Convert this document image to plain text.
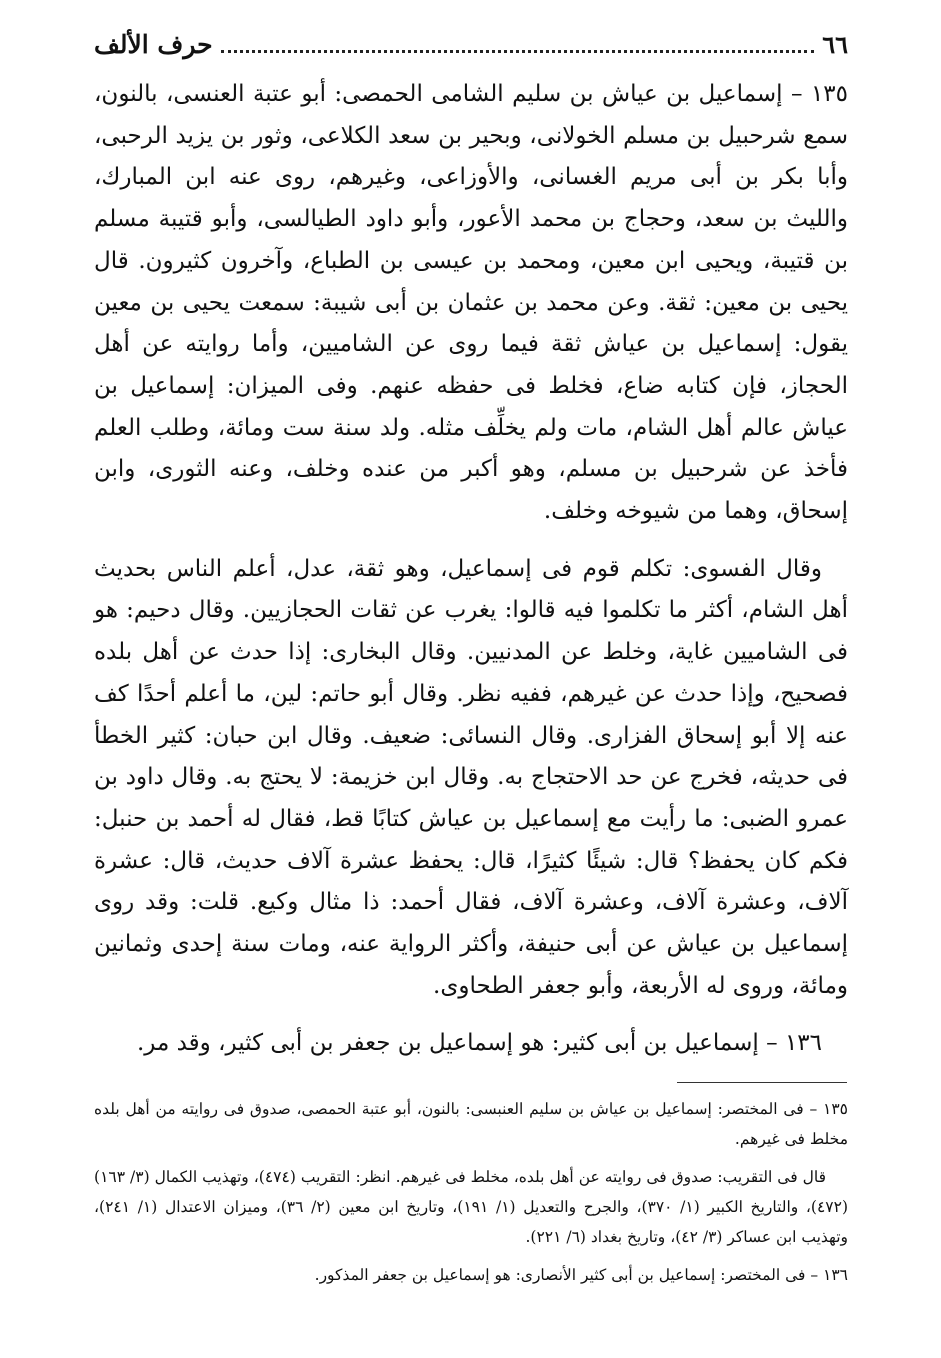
٦٦
حرف الألف

١٣٥ – إسماعيل بن عياش بن سليم الشامى الحمصى: أبو عتبة العنسى، بالنون، سمع شرحبيل بن مسلم الخولانى، وبحير بن سعد الكلاعى، وثور بن يزيد الرحبى، وأبا بكر بن أبى مريم الغسانى، والأوزاعى، وغيرهم، روى عنه ابن المبارك، والليث بن سعد، وحجاج بن محمد الأعور، وأبو داود الطيالسى، وأبو قتيبة مسلم بن قتيبة، ويحيى ابن معين، ومحمد بن عيسى بن الطباع، وآخرون كثيرون. قال يحيى بن معين: ثقة. وعن محمد بن عثمان بن أبى شيبة: سمعت يحيى بن معين يقول: إسماعيل بن عياش ثقة فيما روى عن الشاميين، وأما روايته عن أهل الحجاز، فإن كتابه ضاع، فخلط فى حفظه عنهم. وفى الميزان: إسماعيل بن عياش عالم أهل الشام، مات ولم يخلِّف مثله. ولد سنة ست ومائة، وطلب العلم فأخذ عن شرحبيل بن مسلم، وهو أكبر من عنده وخلف، وعنه الثورى، وابن إسحاق، وهما من شيوخه وخلف.

وقال الفسوى: تكلم قوم فى إسماعيل، وهو ثقة، عدل، أعلم الناس بحديث أهل الشام، أكثر ما تكلموا فيه قالوا: يغرب عن ثقات الحجازيين. وقال دحيم: هو فى الشاميين غاية، وخلط عن المدنيين. وقال البخارى: إذا حدث عن أهل بلده فصحيح، وإذا حدث عن غيرهم، ففيه نظر. وقال أبو حاتم: لين، ما أعلم أحدًا كف عنه إلا أبو إسحاق الفزارى. وقال النسائى: ضعيف. وقال ابن حبان: كثير الخطأ فى حديثه، فخرج عن حد الاحتجاج به. وقال ابن خزيمة: لا يحتج به. وقال داود بن عمرو الضبى: ما رأيت مع إسماعيل بن عياش كتابًا قط، فقال له أحمد بن حنبل: فكم كان يحفظ؟ قال: شيئًا كثيرًا، قال: يحفظ عشرة آلاف حديث، قال: عشرة آلاف، وعشرة آلاف، وعشرة آلاف، فقال أحمد: ذا مثال وكيع. قلت: وقد روى إسماعيل بن عياش عن أبى حنيفة، وأكثر الرواية عنه، ومات سنة إحدى وثمانين ومائة، وروى له الأربعة، وأبو جعفر الطحاوى.

١٣٦ – إسماعيل بن أبى كثير: هو إسماعيل بن جعفر بن أبى كثير، وقد مر.

١٣٥ – فى المختصر: إسماعيل بن عياش بن سليم العنبسى: بالنون، أبو عتبة الحمصى، صدوق فى روايته من أهل بلده مخلط فى غيرهم.

قال فى التقريب: صدوق فى روايته عن أهل بلده، مخلط فى غيرهم. انظر: التقريب (٤٧٤)، وتهذيب الكمال (٣/ ١٦٣) (٤٧٢)، والتاريخ الكبير (١/ ٣٧٠)، والجرح والتعديل (١/ ١٩١)، وتاريخ ابن معين (٢/ ٣٦)، وميزان الاعتدال (١/ ٢٤١)، وتهذيب ابن عساكر (٣/ ٤٢)، وتاريخ بغداد (٦/ ٢٢١).

١٣٦ – فى المختصر: إسماعيل بن أبى كثير الأنصارى: هو إسماعيل بن جعفر المذكور.
